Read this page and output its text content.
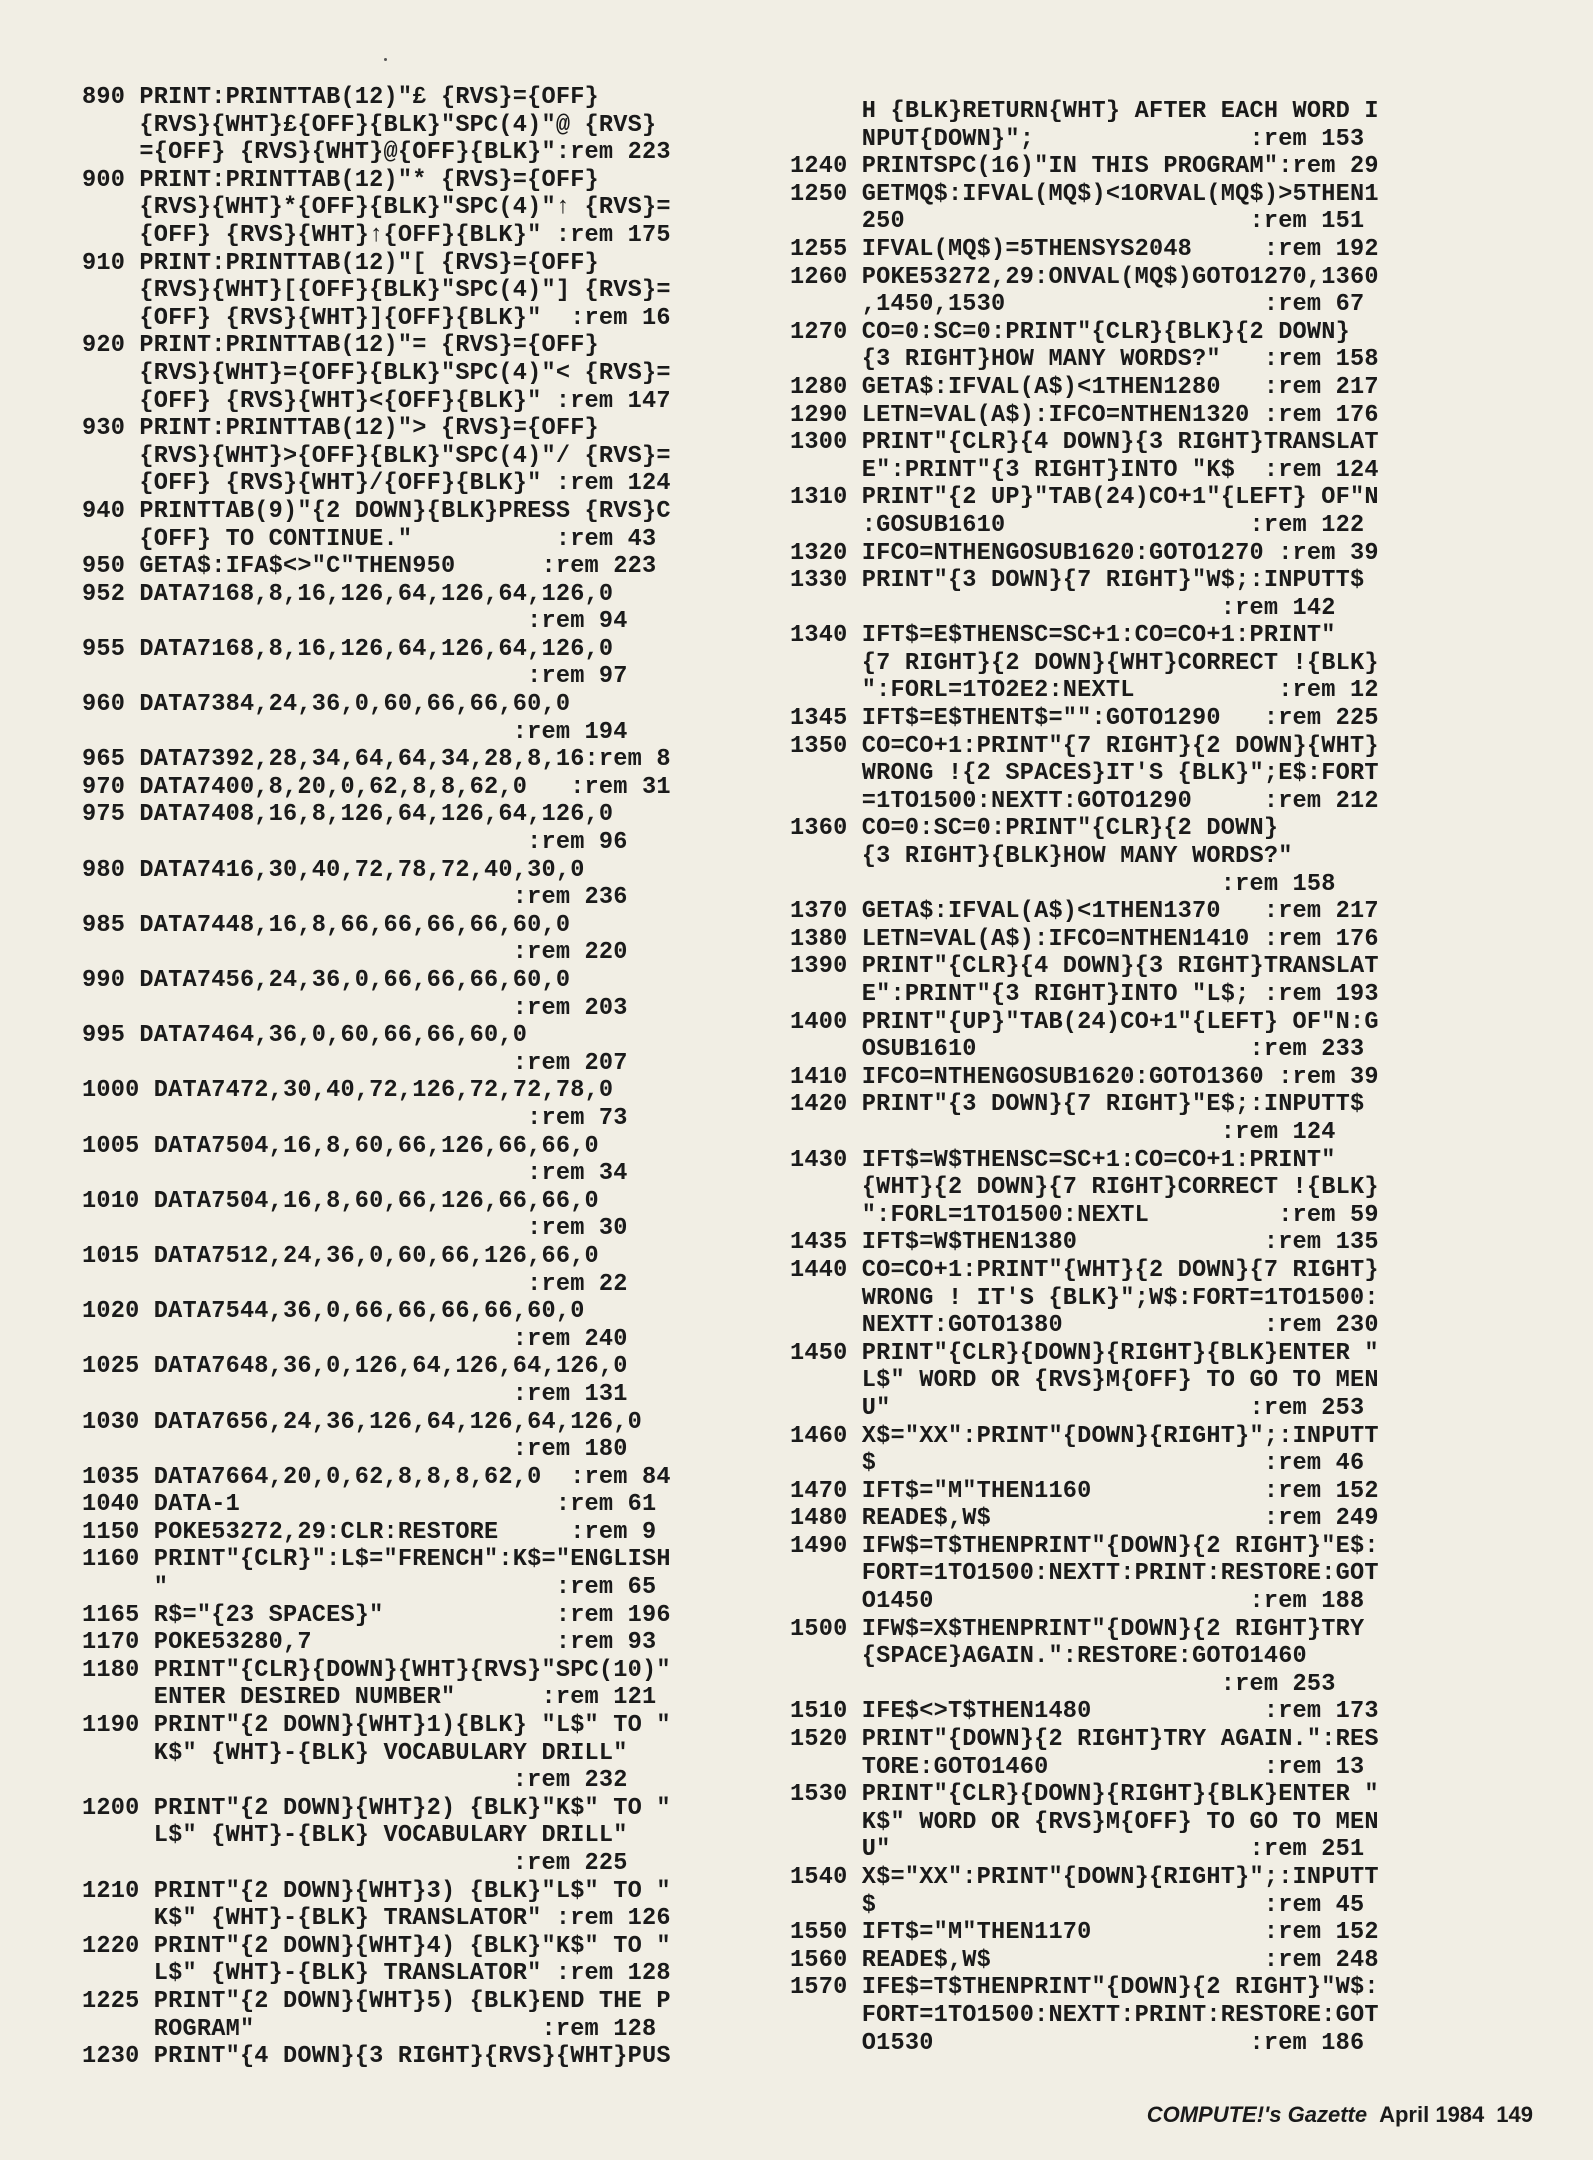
890 PRINT:PRINTTAB(12)"£ {RVS}={OFF}
{RVS}{WHT}£{OFF}{BLK}"SPC(4)"@ {RVS}
={OFF} {RVS}{WHT}@{OFF}{BLK}":rem 223
900 PRINT:PRINTTAB(12)"* {RVS}={OFF}
{RVS}{WHT}*{OFF}{BLK}"SPC(4)"↑ {RVS}=
{OFF} {RVS}{WHT}↑{OFF}{BLK}" :rem 175
910 PRINT:PRINTTAB(12)"[ {RVS}={OFF}
{RVS}{WHT}[{OFF}{BLK}"SPC(4)"] {RVS}=
{OFF} {RVS}{WHT}]{OFF}{BLK}"  :rem 16
920 PRINT:PRINTTAB(12)"= {RVS}={OFF}
{RVS}{WHT}={OFF}{BLK}"SPC(4)"< {RVS}=
{OFF} {RVS}{WHT}<{OFF}{BLK}" :rem 147
930 PRINT:PRINTTAB(12)"> {RVS}={OFF}
{RVS}{WHT}>{OFF}{BLK}"SPC(4)"/ {RVS}=
{OFF} {RVS}{WHT}/{OFF}{BLK}" :rem 124
940 PRINTTAB(9)"{2 DOWN}{BLK}PRESS {RVS}C
{OFF} TO CONTINUE."          :rem 43
950 GETA$:IFA$<>"C"THEN950      :rem 223
952 DATA7168,8,16,126,64,126,64,126,0
:rem 94
955 DATA7168,8,16,126,64,126,64,126,0
:rem 97
960 DATA7384,24,36,0,60,66,66,60,0
:rem 194
965 DATA7392,28,34,64,64,34,28,8,16:rem 8
970 DATA7400,8,20,0,62,8,8,62,0   :rem 31
975 DATA7408,16,8,126,64,126,64,126,0
:rem 96
980 DATA7416,30,40,72,78,72,40,30,0
:rem 236
985 DATA7448,16,8,66,66,66,66,60,0
:rem 220
990 DATA7456,24,36,0,66,66,66,60,0
:rem 203
995 DATA7464,36,0,60,66,66,60,0
:rem 207
1000 DATA7472,30,40,72,126,72,72,78,0
:rem 73
1005 DATA7504,16,8,60,66,126,66,66,0
:rem 34
1010 DATA7504,16,8,60,66,126,66,66,0
:rem 30
1015 DATA7512,24,36,0,60,66,126,66,0
:rem 22
1020 DATA7544,36,0,66,66,66,66,60,0
:rem 240
1025 DATA7648,36,0,126,64,126,64,126,0
:rem 131
1030 DATA7656,24,36,126,64,126,64,126,0
:rem 180
1035 DATA7664,20,0,62,8,8,8,62,0  :rem 84
1040 DATA-1                      :rem 61
1150 POKE53272,29:CLR:RESTORE     :rem 9
1160 PRINT"{CLR}":L$="FRENCH":K$="ENGLISH
"                           :rem 65
1165 R$="{23 SPACES}"            :rem 196
1170 POKE53280,7                 :rem 93
1180 PRINT"{CLR}{DOWN}{WHT}{RVS}"SPC(10)"
ENTER DESIRED NUMBER"      :rem 121
1190 PRINT"{2 DOWN}{WHT}1){BLK} "L$" TO "
K$" {WHT}-{BLK} VOCABULARY DRILL"
:rem 232
1200 PRINT"{2 DOWN}{WHT}2) {BLK}"K$" TO "
L$" {WHT}-{BLK} VOCABULARY DRILL"
:rem 225
1210 PRINT"{2 DOWN}{WHT}3) {BLK}"L$" TO "
K$" {WHT}-{BLK} TRANSLATOR" :rem 126
1220 PRINT"{2 DOWN}{WHT}4) {BLK}"K$" TO "
L$" {WHT}-{BLK} TRANSLATOR" :rem 128
1225 PRINT"{2 DOWN}{WHT}5) {BLK}END THE P
ROGRAM"                    :rem 128
1230 PRINT"{4 DOWN}{3 RIGHT}{RVS}{WHT}PUS
H {BLK}RETURN{WHT} AFTER EACH WORD I
NPUT{DOWN}";               :rem 153
1240 PRINTSPC(16)"IN THIS PROGRAM":rem 29
1250 GETMQ$:IFVAL(MQ$)<1ORVAL(MQ$)>5THEN1
250                        :rem 151
1255 IFVAL(MQ$)=5THENSYS2048     :rem 192
1260 POKE53272,29:ONVAL(MQ$)GOTO1270,1360
,1450,1530                  :rem 67
1270 CO=0:SC=0:PRINT"{CLR}{BLK}{2 DOWN}
{3 RIGHT}HOW MANY WORDS?"   :rem 158
1280 GETA$:IFVAL(A$)<1THEN1280   :rem 217
1290 LETN=VAL(A$):IFCO=NTHEN1320 :rem 176
1300 PRINT"{CLR}{4 DOWN}{3 RIGHT}TRANSLAT
E":PRINT"{3 RIGHT}INTO "K$  :rem 124
1310 PRINT"{2 UP}"TAB(24)CO+1"{LEFT} OF"N
:GOSUB1610                 :rem 122
1320 IFCO=NTHENGOSUB1620:GOTO1270 :rem 39
1330 PRINT"{3 DOWN}{7 RIGHT}"W$;:INPUTT$
:rem 142
1340 IFT$=E$THENSC=SC+1:CO=CO+1:PRINT"
{7 RIGHT}{2 DOWN}{WHT}CORRECT !{BLK}
":FORL=1TO2E2:NEXTL          :rem 12
1345 IFT$=E$THENT$="":GOTO1290   :rem 225
1350 CO=CO+1:PRINT"{7 RIGHT}{2 DOWN}{WHT}
WRONG !{2 SPACES}IT'S {BLK}";E$:FORT
=1TO1500:NEXTT:GOTO1290     :rem 212
1360 CO=0:SC=0:PRINT"{CLR}{2 DOWN}
{3 RIGHT}{BLK}HOW MANY WORDS?"
:rem 158
1370 GETA$:IFVAL(A$)<1THEN1370   :rem 217
1380 LETN=VAL(A$):IFCO=NTHEN1410 :rem 176
1390 PRINT"{CLR}{4 DOWN}{3 RIGHT}TRANSLAT
E":PRINT"{3 RIGHT}INTO "L$; :rem 193
1400 PRINT"{UP}"TAB(24)CO+1"{LEFT} OF"N:G
OSUB1610                   :rem 233
1410 IFCO=NTHENGOSUB1620:GOTO1360 :rem 39
1420 PRINT"{3 DOWN}{7 RIGHT}"E$;:INPUTT$
:rem 124
1430 IFT$=W$THENSC=SC+1:CO=CO+1:PRINT"
{WHT}{2 DOWN}{7 RIGHT}CORRECT !{BLK}
":FORL=1TO1500:NEXTL         :rem 59
1435 IFT$=W$THEN1380             :rem 135
1440 CO=CO+1:PRINT"{WHT}{2 DOWN}{7 RIGHT}
WRONG ! IT'S {BLK}";W$:FORT=1TO1500:
NEXTT:GOTO1380              :rem 230
1450 PRINT"{CLR}{DOWN}{RIGHT}{BLK}ENTER "
L$" WORD OR {RVS}M{OFF} TO GO TO MEN
U"                         :rem 253
1460 X$="XX":PRINT"{DOWN}{RIGHT}";:INPUTT
$                           :rem 46
1470 IFT$="M"THEN1160            :rem 152
1480 READE$,W$                   :rem 249
1490 IFW$=T$THENPRINT"{DOWN}{2 RIGHT}"E$:
FORT=1TO1500:NEXTT:PRINT:RESTORE:GOT
O1450                      :rem 188
1500 IFW$=X$THENPRINT"{DOWN}{2 RIGHT}TRY
{SPACE}AGAIN.":RESTORE:GOTO1460
:rem 253
1510 IFE$<>T$THEN1480            :rem 173
1520 PRINT"{DOWN}{2 RIGHT}TRY AGAIN.":RES
TORE:GOTO1460               :rem 13
1530 PRINT"{CLR}{DOWN}{RIGHT}{BLK}ENTER "
K$" WORD OR {RVS}M{OFF} TO GO TO MEN
U"                         :rem 251
1540 X$="XX":PRINT"{DOWN}{RIGHT}";:INPUTT
$                           :rem 45
1550 IFT$="M"THEN1170            :rem 152
1560 READE$,W$                   :rem 248
1570 IFE$=T$THENPRINT"{DOWN}{2 RIGHT}"W$:
FORT=1TO1500:NEXTT:PRINT:RESTORE:GOT
O1530                      :rem 186
COMPUTE!'s Gazette April 1984 149
